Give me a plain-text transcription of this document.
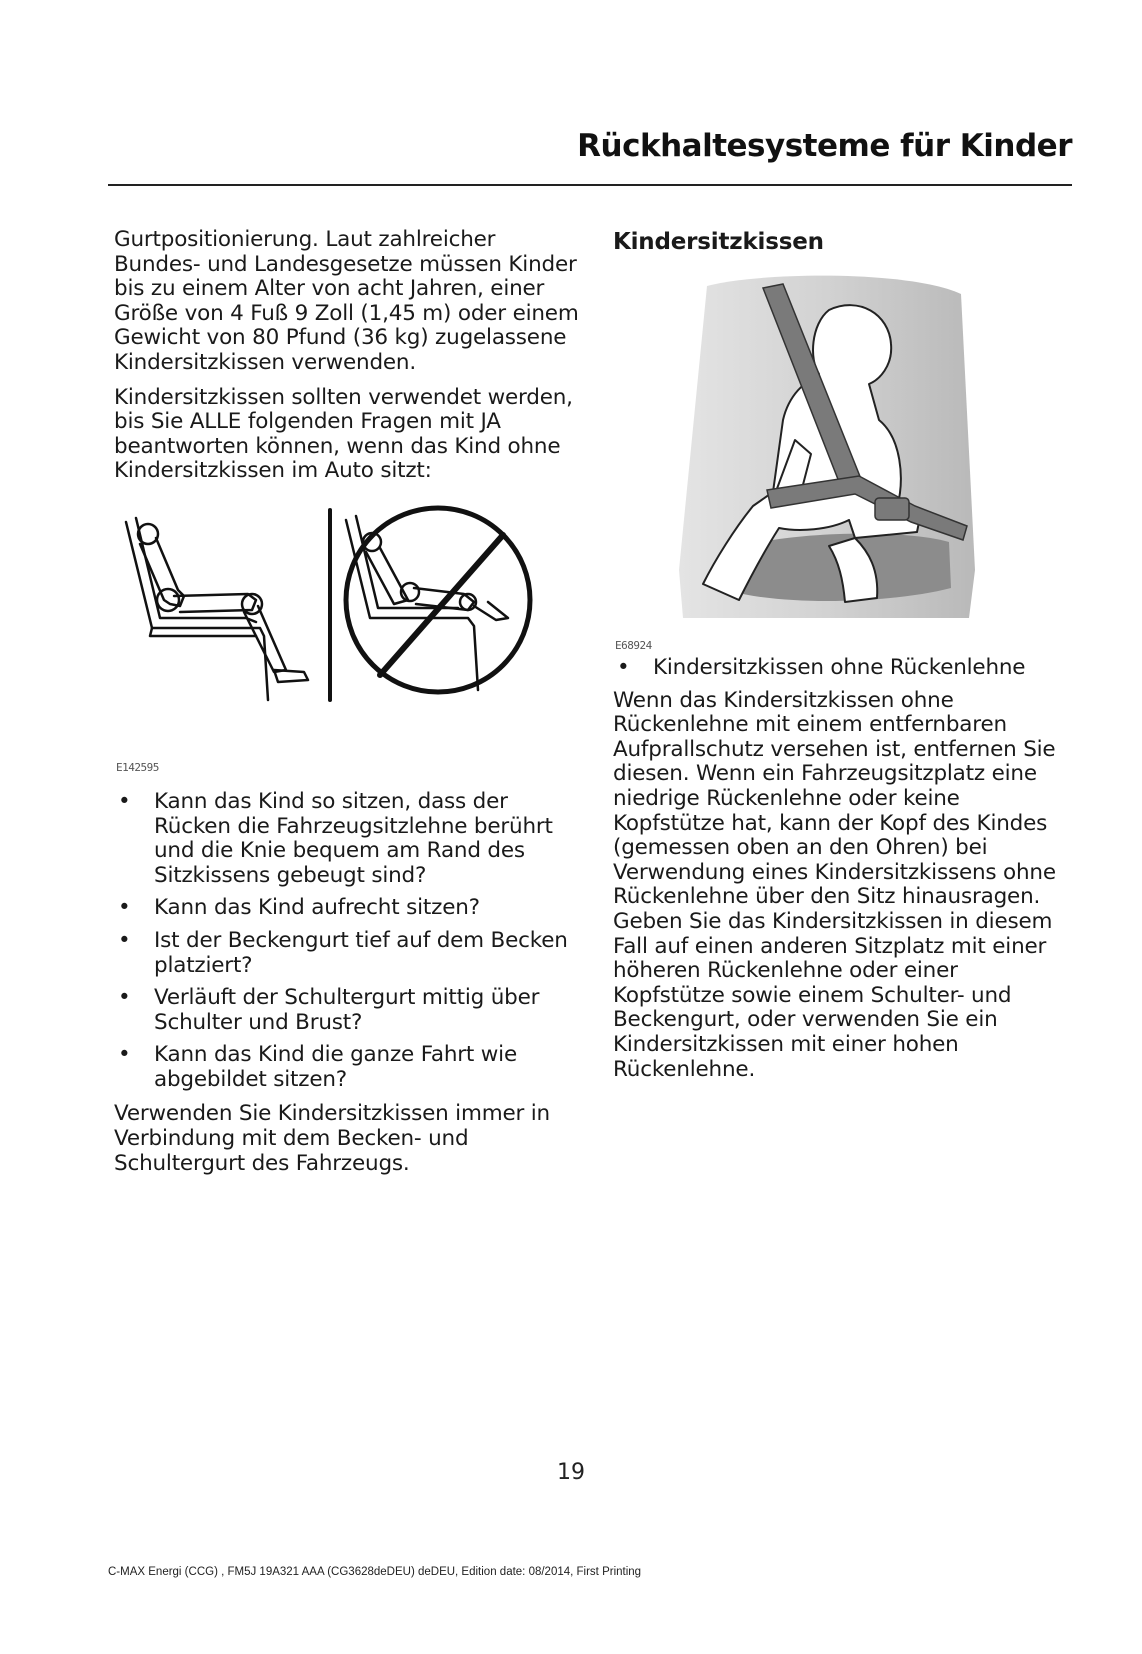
Rückhaltesysteme für Kinder

Gurtpositionierung. Laut zahlreicher Bundes- und Landesgesetze müssen Kinder bis zu einem Alter von acht Jahren, einer Größe von 4 Fuß 9 Zoll (1,45 m) oder einem Gewicht von 80 Pfund (36 kg) zugelassene Kindersitzkissen verwenden.

Kindersitzkissen sollten verwendet werden, bis Sie ALLE folgenden Fragen mit JA beantworten können, wenn das Kind ohne Kindersitzkissen im Auto sitzt:

E142595
• Kann das Kind so sitzen, dass der Rücken die Fahrzeugsitzlehne berührt und die Knie bequem am Rand des Sitzkissens gebeugt sind?
• Kann das Kind aufrecht sitzen?
• Ist der Beckengurt tief auf dem Becken platziert?
• Verläuft der Schultergurt mittig über Schulter und Brust?
• Kann das Kind die ganze Fahrt wie abgebildet sitzen?

Verwenden Sie Kindersitzkissen immer in Verbindung mit dem Becken- und Schultergurt des Fahrzeugs.

Kindersitzkissen
E68924
• Kindersitzkissen ohne Rückenlehne

Wenn das Kindersitzkissen ohne Rückenlehne mit einem entfernbaren Aufprallschutz versehen ist, entfernen Sie diesen. Wenn ein Fahrzeugsitzplatz eine niedrige Rückenlehne oder keine Kopfstütze hat, kann der Kopf des Kindes (gemessen oben an den Ohren) bei Verwendung eines Kindersitzkissens ohne Rückenlehne über den Sitz hinausragen. Geben Sie das Kindersitzkissen in diesem Fall auf einen anderen Sitzplatz mit einer höheren Rückenlehne oder einer Kopfstütze sowie einem Schulter- und Beckengurt, oder verwenden Sie ein Kindersitzkissen mit einer hohen Rückenlehne.

19
C-MAX Energi (CCG) , FM5J 19A321 AAA (CG3628deDEU) deDEU, Edition date: 08/2014, First Printing
